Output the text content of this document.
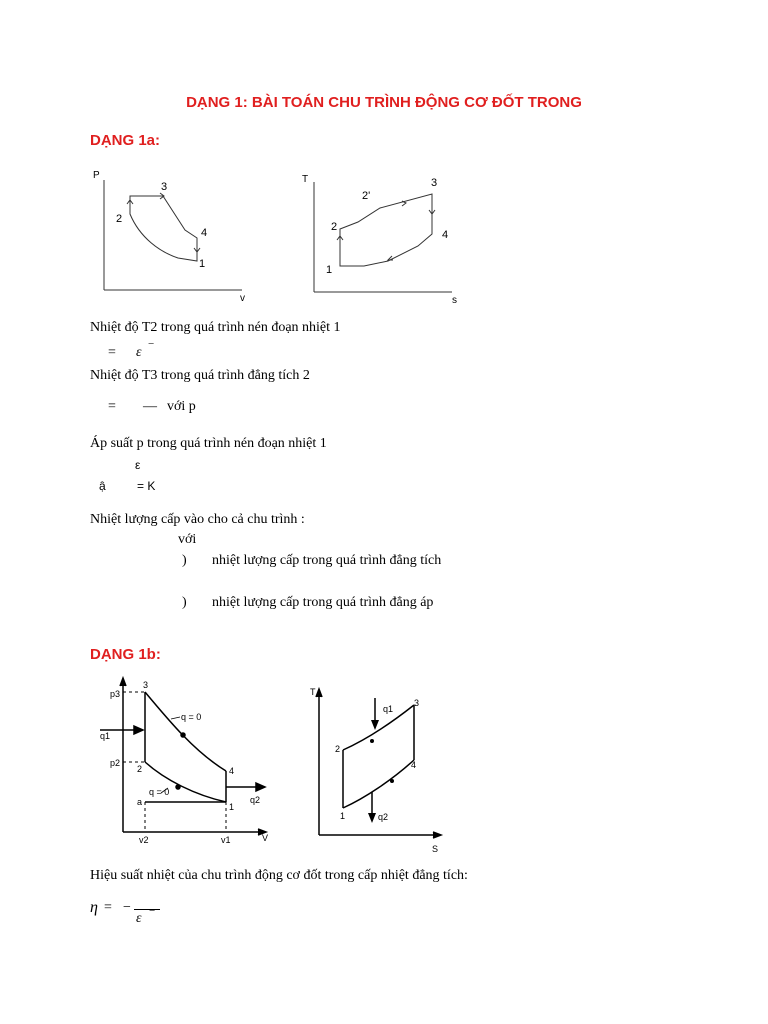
DẠNG 1: BÀI TOÁN CHU TRÌNH ĐỘNG CƠ ĐỐT TRONG
DẠNG 1a:
P
v
3
2
4
1
T
s
2'
3
2
4
1
Nhiệt độ T2 trong quá trình nén đoạn nhiệt 1
= ε
−
Nhiệt độ T3 trong quá trình đẳng tích 2
= — với p
Áp suất p trong quá trình nén đoạn nhiệt 1
ε
ậ	= K
Nhiệt lượng cấp vào cho cả chu trình :
với
) nhiệt lượng cấp trong quá trình đẳng tích
) nhiệt lượng cấp trong quá trình đẳng áp
DẠNG 1b:
p3
p2
q1
q = 0
q = 0
3
2	4
1
a	q2
v2	v1	V
T
S
q1
q2
1
2
3
4
Hiệu suất nhiệt của chu trình động cơ đốt trong cấp nhiệt đẳng tích:
η = −
ε −
